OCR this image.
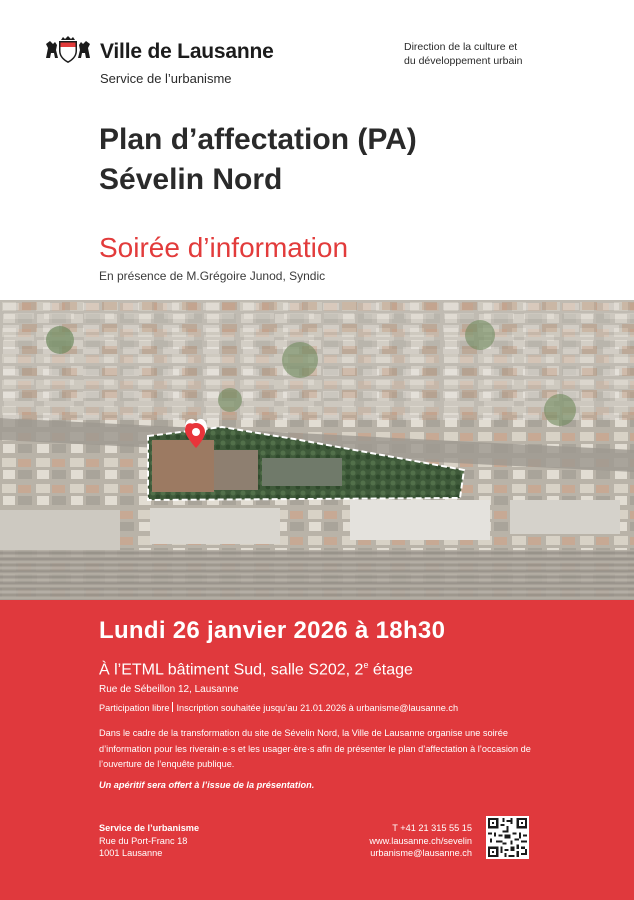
Ville de Lausanne
Service de l’urbanisme
Direction de la culture et
du développement urbain
Plan d’affectation (PA)
Sévelin Nord
Soirée d’information
En présence de M.Grégoire Junod, Syndic
Lundi 26 janvier 2026 à 18h30
À l’ETML bâtiment Sud, salle S202, 2e étage
Rue de Sébeillon 12, Lausanne
Participation libre Inscription souhaitée jusqu’au 21.01.2026 à urbanisme@lausanne.ch
Dans le cadre de la transformation du site de Sévelin Nord, la Ville de Lausanne organise une soirée d’information pour les riverain·e·s et les usager·ère·s afin de présenter le plan d’affectation à l’occasion de l’ouverture de l’enquête publique.
Un apéritif sera offert à l’issue de la présentation.
Service de l’urbanisme
Rue du Port-Franc 18
1001 Lausanne
T +41 21 315 55 15
www.lausanne.ch/sevelin
urbanisme@lausanne.ch
